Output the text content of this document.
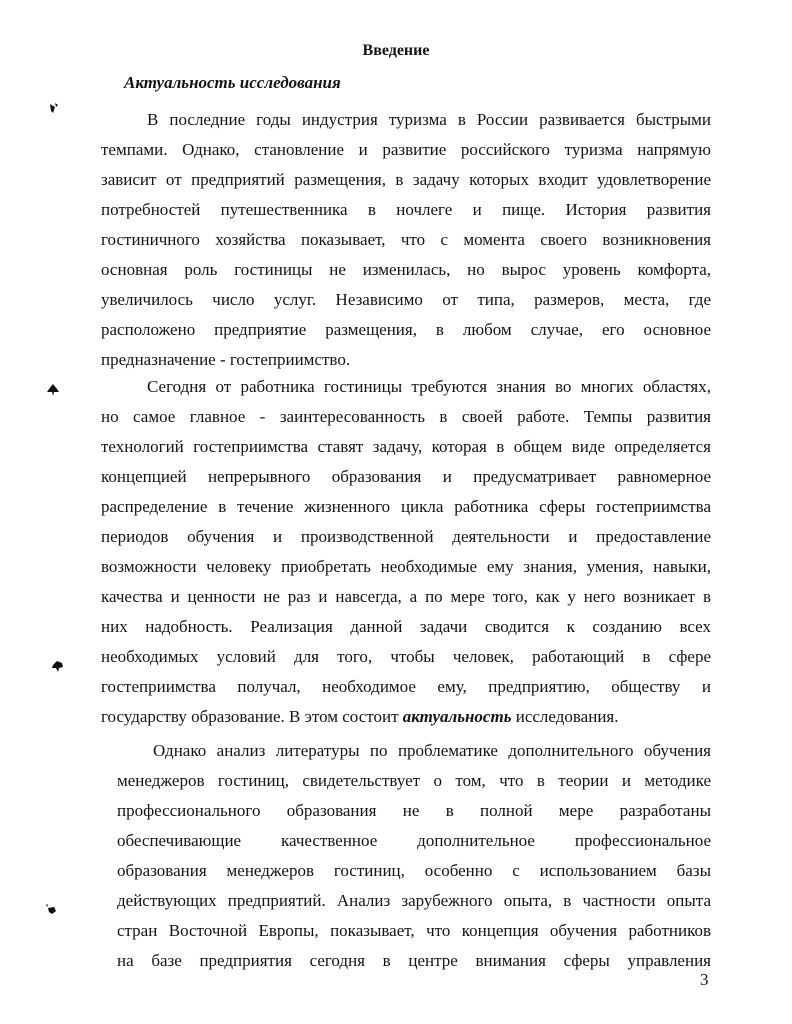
Введение
Актуальность исследования
В последние годы индустрия туризма в России развивается быстрыми
темпами. Однако, становление и развитие российского туризма напрямую
зависит от предприятий размещения, в задачу которых входит удовлетворение
потребностей путешественника в ночлеге и пище. История развития
гостиничного хозяйства показывает, что с момента своего возникновения
основная роль гостиницы не изменилась, но вырос уровень комфорта,
увеличилось число услуг. Независимо от типа, размеров, места, где
расположено предприятие размещения, в любом случае, его основное
предназначение - гостеприимство.
Сегодня от работника гостиницы требуются знания во многих областях,
но самое главное - заинтересованность в своей работе. Темпы развития
технологий гостеприимства ставят задачу, которая в общем виде определяется
концепцией непрерывного образования и предусматривает равномерное
распределение в течение жизненного цикла работника сферы гостеприимства
периодов обучения и производственной деятельности и предоставление
возможности человеку приобретать необходимые ему знания, умения, навыки,
качества и ценности не раз и навсегда, а по мере того, как у него возникает в
них надобность. Реализация данной задачи сводится к созданию всех
необходимых условий для того, чтобы человек, работающий в сфере
гостеприимства получал, необходимое ему, предприятию, обществу и
государству образование. В этом состоит актуальность исследования.
Однако анализ литературы по проблематике дополнительного обучения
менеджеров гостиниц, свидетельствует о том, что в теории и методике
профессионального образования не в полной мере разработаны
обеспечивающие качественное дополнительное профессиональное
образования менеджеров гостиниц, особенно с использованием базы
действующих предприятий. Анализ зарубежного опыта, в частности опыта
стран Восточной Европы, показывает, что концепция обучения работников
на базе предприятия сегодня в центре внимания сферы управления

3
